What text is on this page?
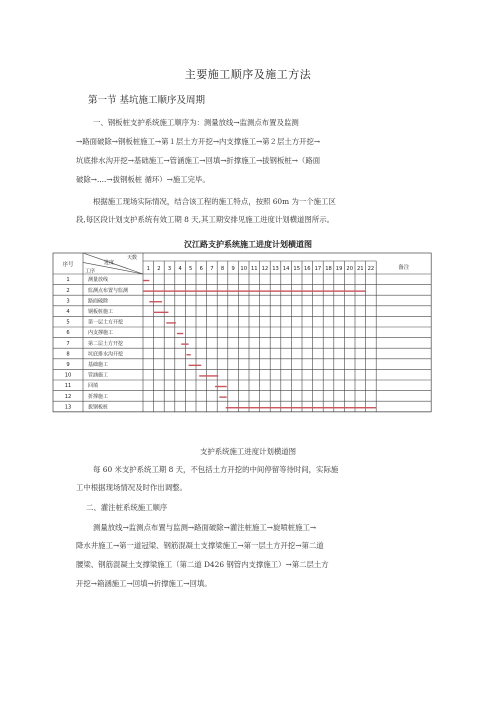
主要施工顺序及施工方法
第一节 基坑施工顺序及周期
一、钢板桩支护系统施工顺序为：测量放线→监测点布置及监测
→路面破除→钢板桩施工→第１层土方开挖→内支撑施工→第２层土方开挖→
坑底排水沟开挖→基础施工→管涵施工→回填→折撑施工→拔钢板桩→（路面
破除→....→拔钢板桩 循环）→施工完毕。
根据施工现场实际情况，结合该工程的施工特点，按照 60m 为一个施工区
段,每区段计划支护系统有效工期 8 天,其工期安排见施工进度计划横道图所示。
汉江路支护系统施工进度计划横道图
序号
天数
进度
工序
备注
1 2 3 4 5 6 7 8 9 10 11 12 13 14 15 16 17 18 19 20 21 22
1	测量放线
2	监测点布置与监测
3	路面破除
4	钢板桩施工
5	第一层土方开挖
6	内支撑施工
7	第二层土方开挖
8	坑底排水沟开挖
9	基础施工
10	管涵施工
11	回填
12	折撑施工
13	拔钢板桩
支护系统施工进度计划横道图
每 60 米支护系统工期 8 天，不包括土方开挖的中间停留等待时间，实际施
工中根据现场情况及时作出调整。
二、灌注桩系统施工顺序
测量放线→监测点布置与监测→路面破除→灌注桩施工→旋喷桩施工→
降水井施工→第一道冠梁、钢筋混凝土支撑梁施工→第一层土方开挖→第二道
腰梁、钢筋混凝土支撑梁施工（第二道 D426 钢管内支撑施工）→第二层土方
开挖→箱涵施工→回填→折撑施工→回填。
